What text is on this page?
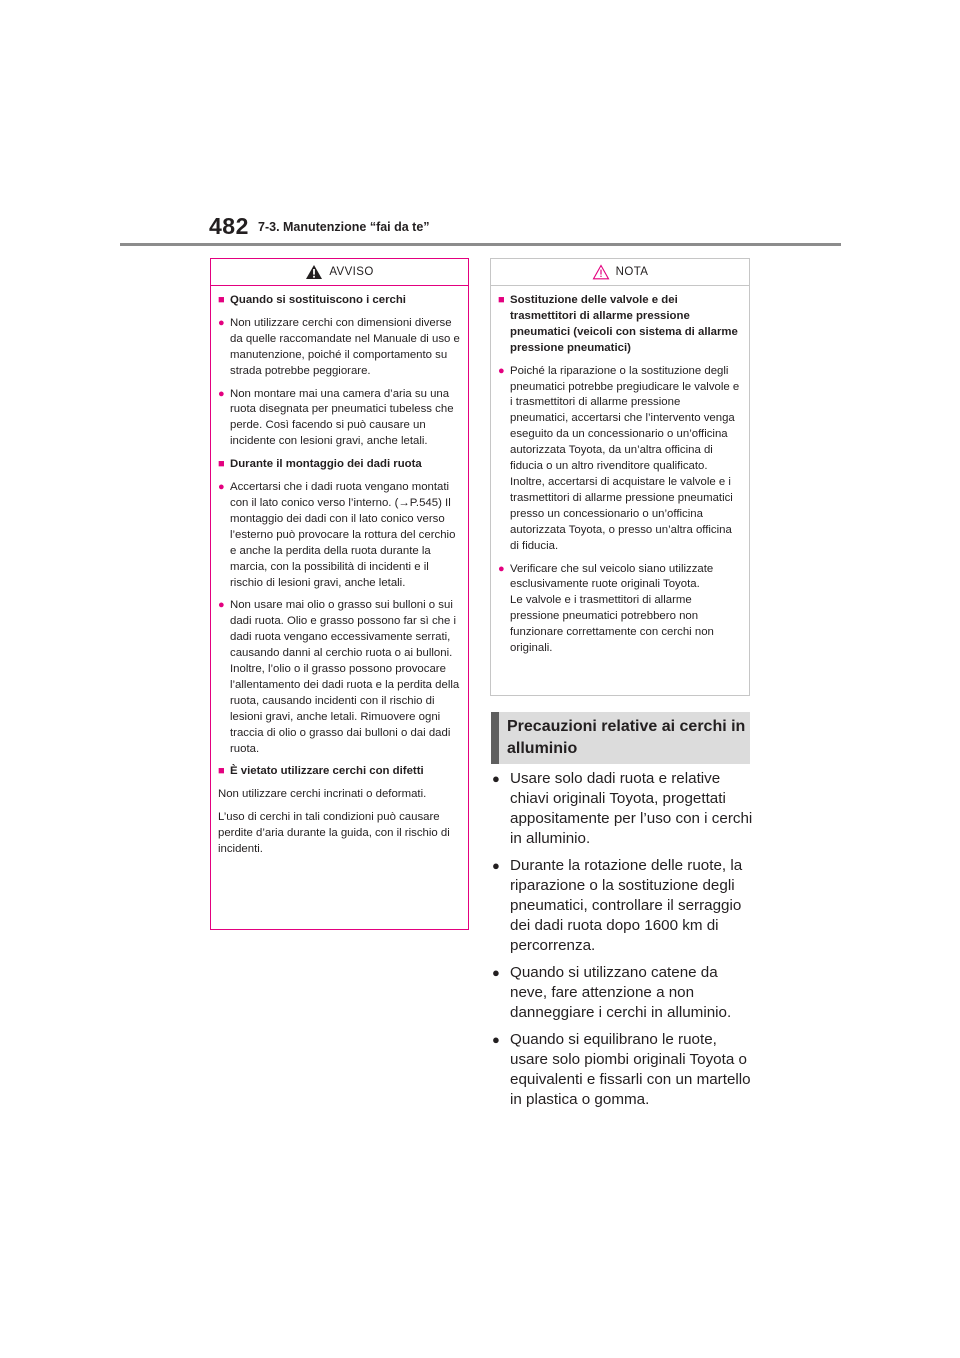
482 7-3. Manutenzione “fai da te”
AVVISO
■ Quando si sostituiscono i cerchi
● Non utilizzare cerchi con dimensioni diverse da quelle raccomandate nel Manuale di uso e manutenzione, poiché il comportamento su strada potrebbe peggiorare.
● Non montare mai una camera d’aria su una ruota disegnata per pneumatici tubeless che perde. Così facendo si può causare un incidente con lesioni gravi, anche letali.
■ Durante il montaggio dei dadi ruota
● Accertarsi che i dadi ruota vengano montati con il lato conico verso l’interno. (→P.545) Il montaggio dei dadi con il lato conico verso l’esterno può provocare la rottura del cerchio e anche la perdita della ruota durante la marcia, con la possibilità di incidenti e il rischio di lesioni gravi, anche letali.
● Non usare mai olio o grasso sui bulloni o sui dadi ruota. Olio e grasso possono far sì che i dadi ruota vengano eccessivamente serrati, causando danni al cerchio ruota o ai bulloni. Inoltre, l’olio o il grasso possono provocare l’allentamento dei dadi ruota e la perdita della ruota, causando incidenti con il rischio di lesioni gravi, anche letali. Rimuovere ogni traccia di olio o grasso dai bulloni o dai dadi ruota.
■ È vietato utilizzare cerchi con difetti
Non utilizzare cerchi incrinati o deformati.
L’uso di cerchi in tali condizioni può causare perdite d’aria durante la guida, con il rischio di incidenti.
NOTA
■ Sostituzione delle valvole e dei trasmettitori di allarme pressione pneumatici (veicoli con sistema di allarme pressione pneumatici)
● Poiché la riparazione o la sostituzione degli pneumatici potrebbe pregiudicare le valvole e i trasmettitori di allarme pressione pneumatici, accertarsi che l’intervento venga eseguito da un concessionario o un’officina autorizzata Toyota, da un’altra officina di fiducia o un altro rivenditore qualificato. Inoltre, accertarsi di acquistare le valvole e i trasmettitori di allarme pressione pneumatici presso un concessionario o un’officina autorizzata Toyota, o presso un’altra officina di fiducia.
● Verificare che sul veicolo siano utilizzate esclusivamente ruote originali Toyota.
Le valvole e i trasmettitori di allarme pressione pneumatici potrebbero non funzionare correttamente con cerchi non originali.
Precauzioni relative ai cerchi in alluminio
● Usare solo dadi ruota e relative chiavi originali Toyota, progettati appositamente per l’uso con i cerchi in alluminio.
● Durante la rotazione delle ruote, la riparazione o la sostituzione degli pneumatici, controllare il serraggio dei dadi ruota dopo 1600 km di percorrenza.
● Quando si utilizzano catene da neve, fare attenzione a non danneggiare i cerchi in alluminio.
● Quando si equilibrano le ruote, usare solo piombi originali Toyota o equivalenti e fissarli con un martello in plastica o gomma.
